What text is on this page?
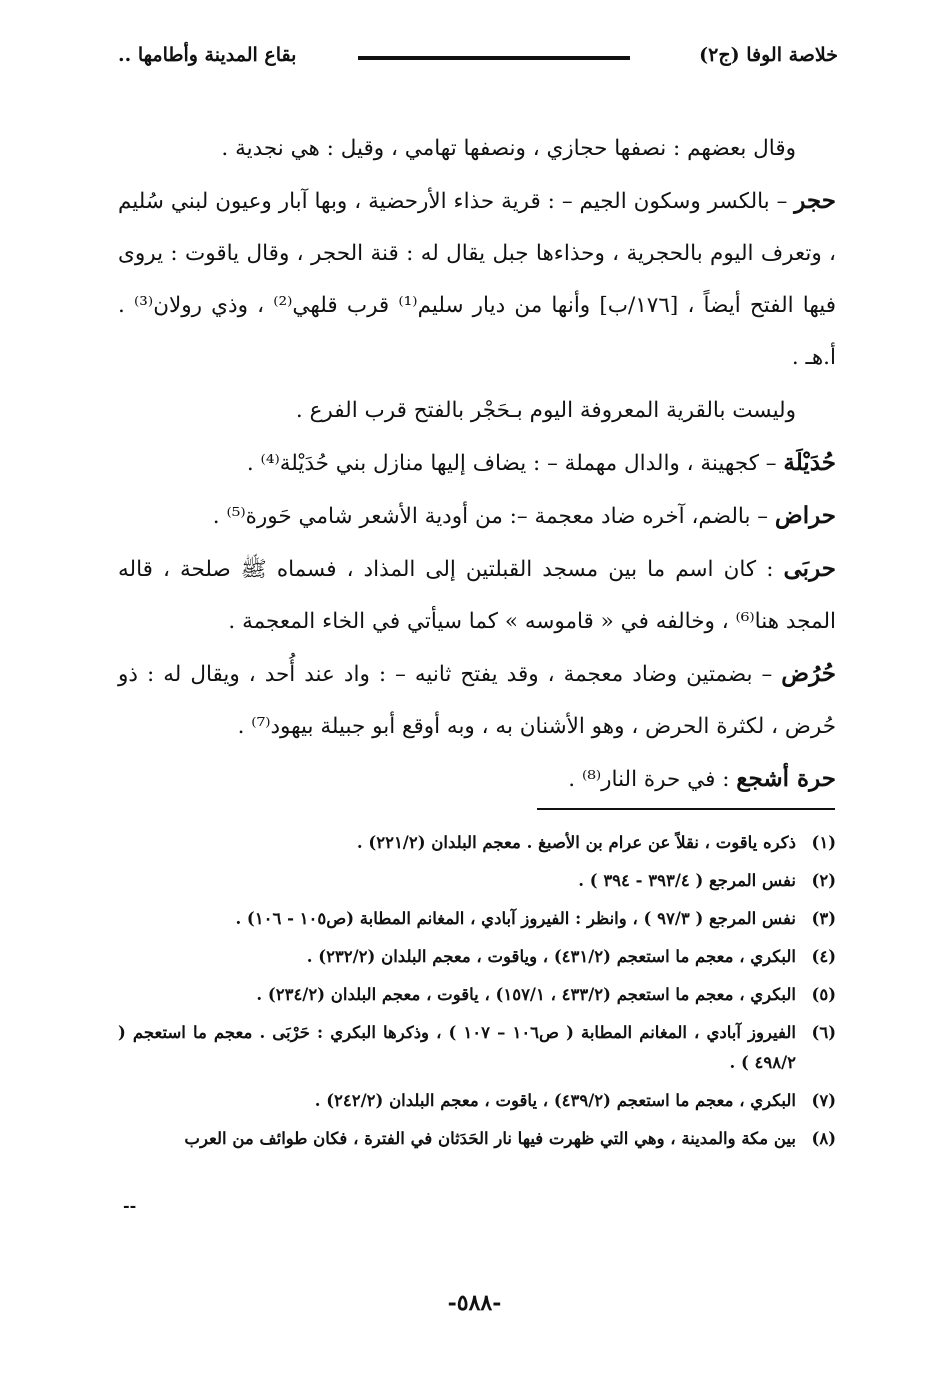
خلاصة الوفا (ج٢)
بقاع المدينة وأطامها ..

وقال بعضهم : نصفها حجازي ، ونصفها تهامي ، وقيل : هي نجدية .

حجر – بالكسر وسكون الجيم – : قرية حذاء الأرحضية ، وبها آبار وعيون لبني سُليم ، وتعرف اليوم بالحجرية ، وحذاءها جبل يقال له : قنة الحجر ، وقال ياقوت : يروى فيها الفتح أيضاً ، [١٧٦/ب] وأنها من ديار سليم⁽¹⁾ قرب قلهي⁽²⁾ ، وذي رولان⁽³⁾ . أ.هـ .

وليست بالقرية المعروفة اليوم بـحَجْر بالفتح قرب الفرع .

حُدَيْلَة – كجهينة ، والدال مهملة – : يضاف إليها منازل بني حُدَيْلة⁽⁴⁾ .

حراض – بالضم، آخره ضاد معجمة –: من أودية الأشعر شامي حَورة⁽⁵⁾ .

حربَى : كان اسم ما بين مسجد القبلتين إلى المذاد ، فسماه ﷺ صلحة ، قاله المجد هنا⁽⁶⁾ ، وخالفه في « قاموسه » كما سيأتي في الخاء المعجمة .

حُرُض – بضمتين وضاد معجمة ، وقد يفتح ثانيه – : واد عند أُحد ، ويقال له : ذو حُرض ، لكثرة الحرض ، وهو الأشنان به ، وبه أوقع أبو جبيلة بيهود⁽⁷⁾ .

حرة أشجع : في حرة النار⁽⁸⁾ .

(١)
ذكره ياقوت ، نقلاً عن عرام بن الأصبغ . معجم البلدان (٢٢١/٢) .
(٢)
نفس المرجع ( ٣٩٣/٤ - ٣٩٤ ) .
(٣)
نفس المرجع ( ٩٧/٣ ) ، وانظر : الفيروز آبادي ، المغانم المطابة (ص١٠٥ - ١٠٦) .
(٤)
البكري ، معجم ما استعجم (٤٣١/٢) ، وياقوت ، معجم البلدان (٢٣٢/٢) .
(٥)
البكري ، معجم ما استعجم (٤٣٣/٢ ، ١٥٧/١) ، ياقوت ، معجم البلدان (٢٣٤/٢) .
(٦)
الفيروز آبادي ، المغانم المطابة ( ص١٠٦ – ١٠٧ ) ، وذكرها البكري : حَرْبَى . معجم ما استعجم ( ٤٩٨/٢ ) .
(٧)
البكري ، معجم ما استعجم (٤٣٩/٢) ، ياقوت ، معجم البلدان (٢٤٢/٢) .
(٨)
بين مكة والمدينة ، وهي التي ظهرت فيها نار الحَدَثان في الفترة ، فكان طوائف من العرب
--
-٥٨٨-
